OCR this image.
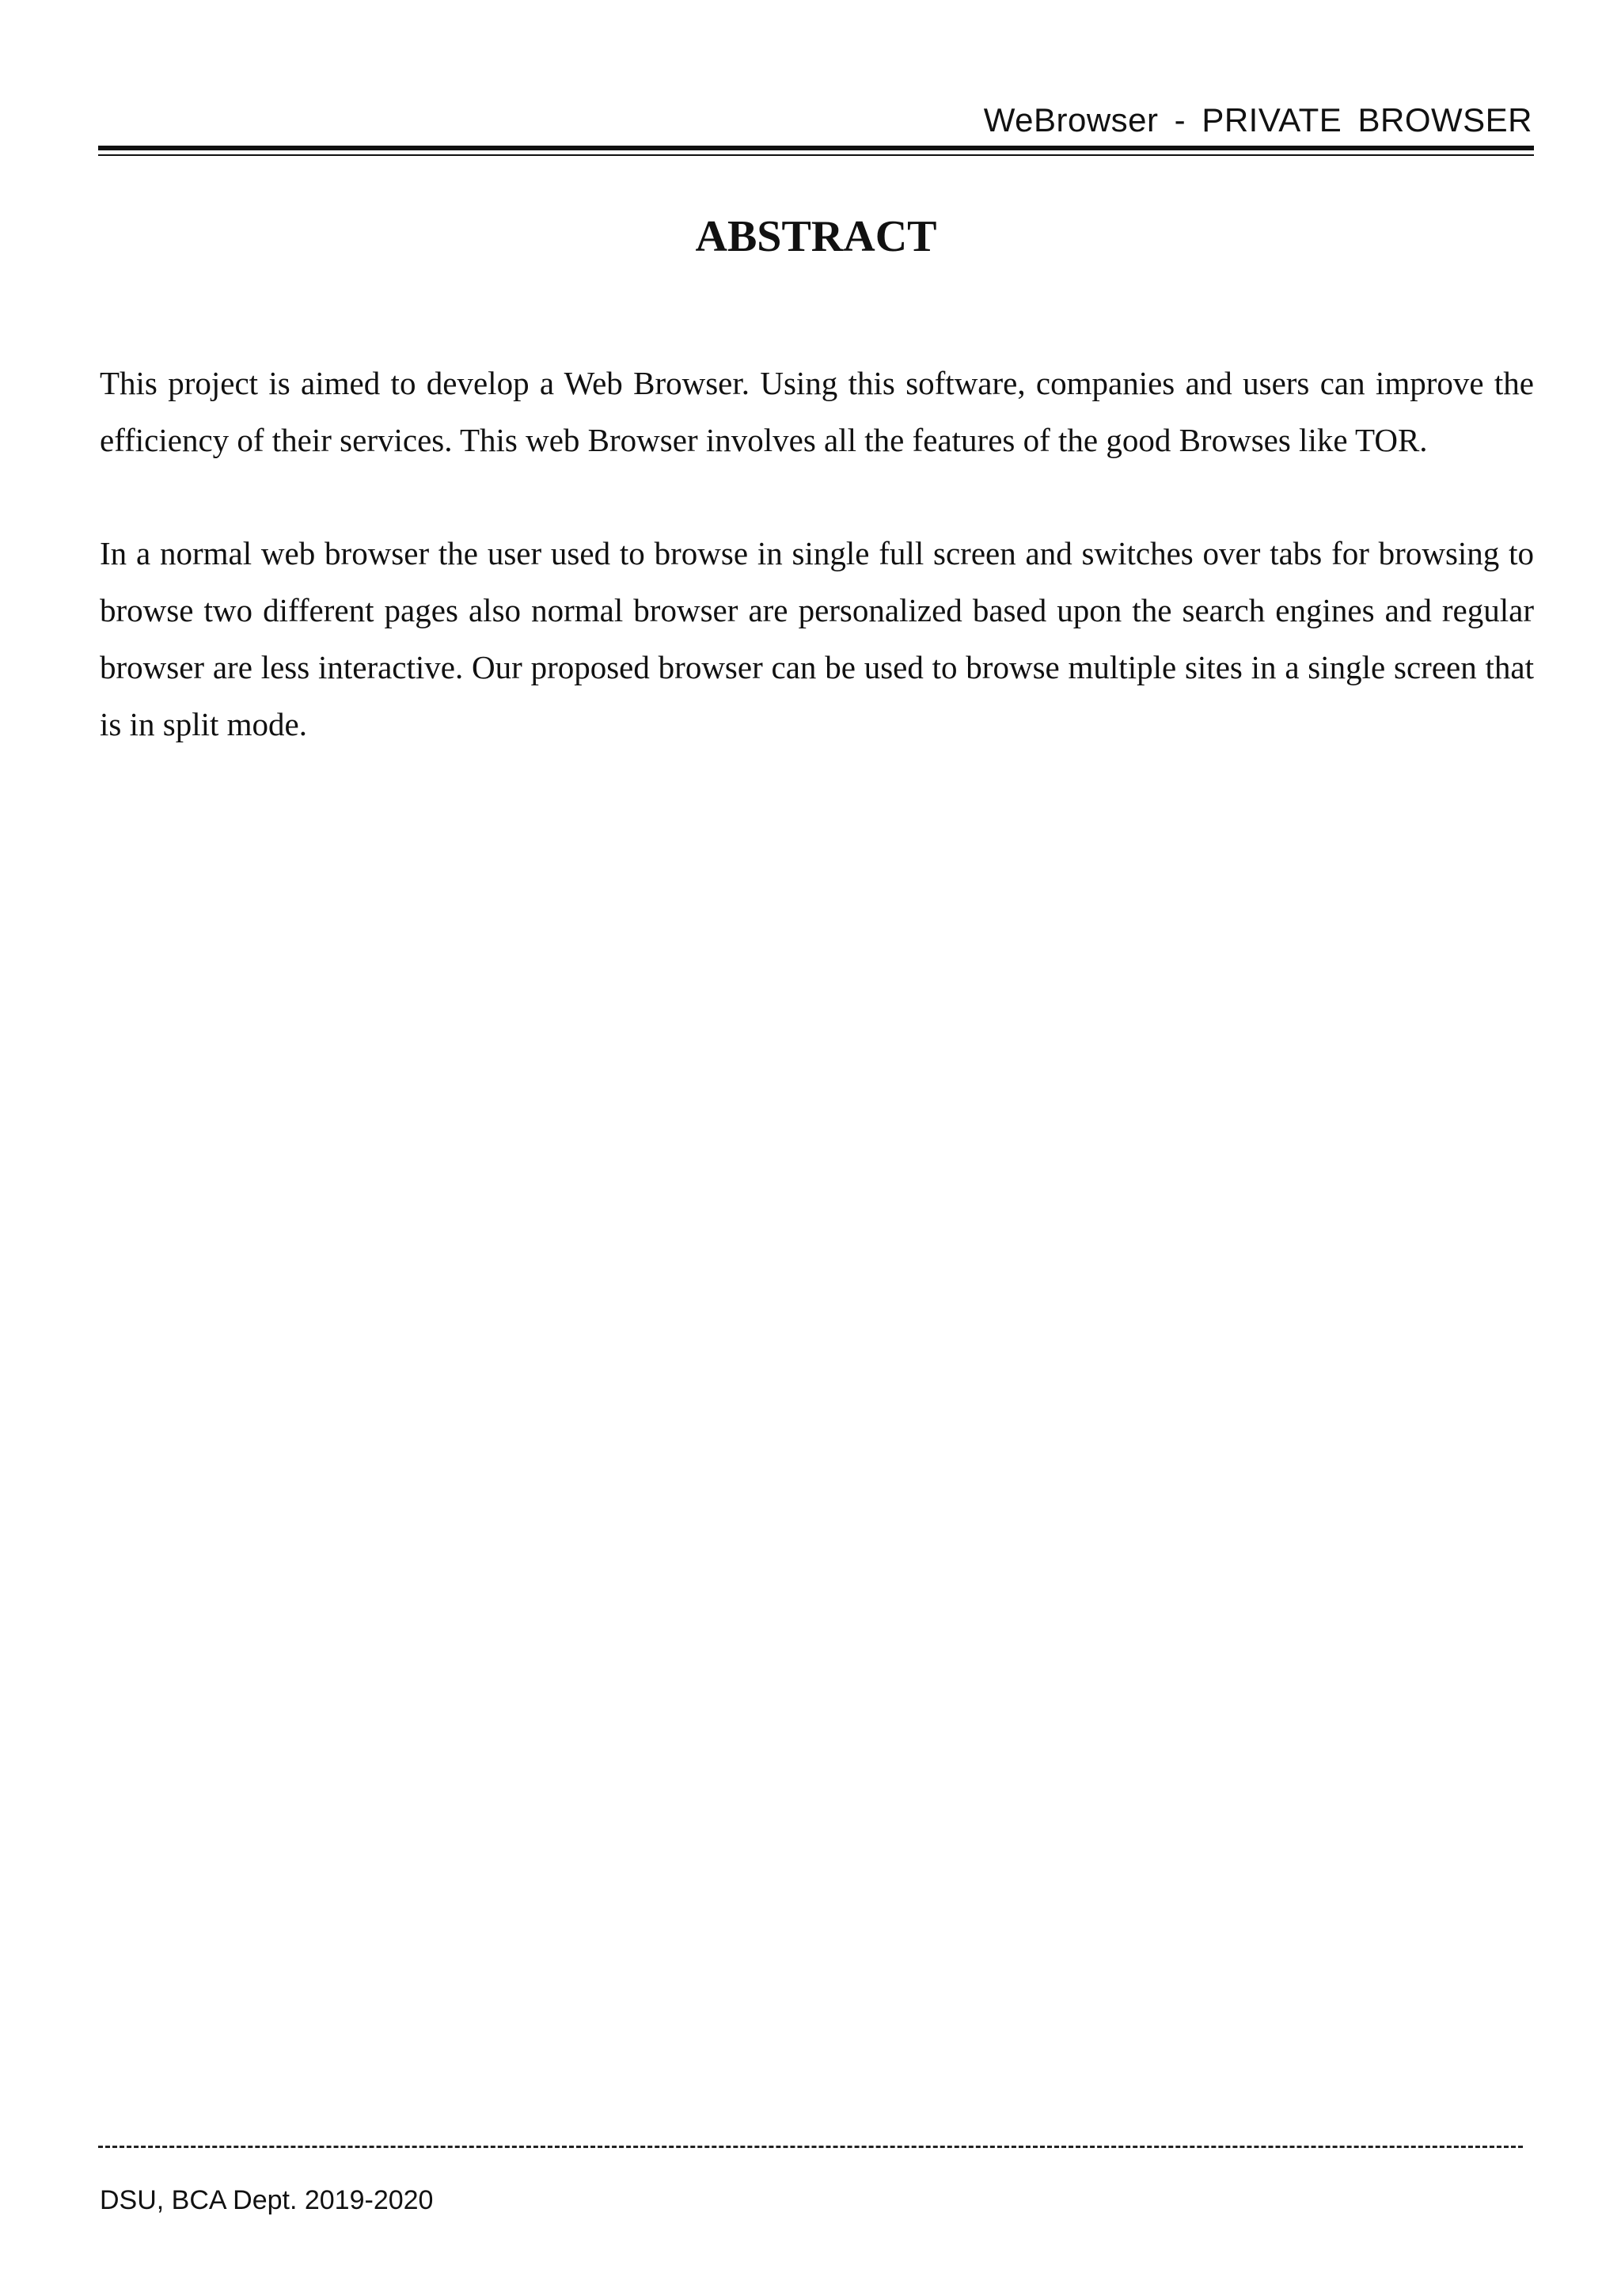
WeBrowser - PRIVATE BROWSER
ABSTRACT

This project is aimed to develop a Web Browser. Using this software, companies and users can improve the efficiency of their services. This web Browser involves all the features of the good Browses like TOR.

In a normal web browser the user used to browse in single full screen and switches over tabs for browsing to browse two different pages also normal browser are personalized based upon the search engines and regular browser are less interactive. Our proposed browser can be used to browse multiple sites in a single screen that is in split mode.

DSU, BCA Dept. 2019-2020
